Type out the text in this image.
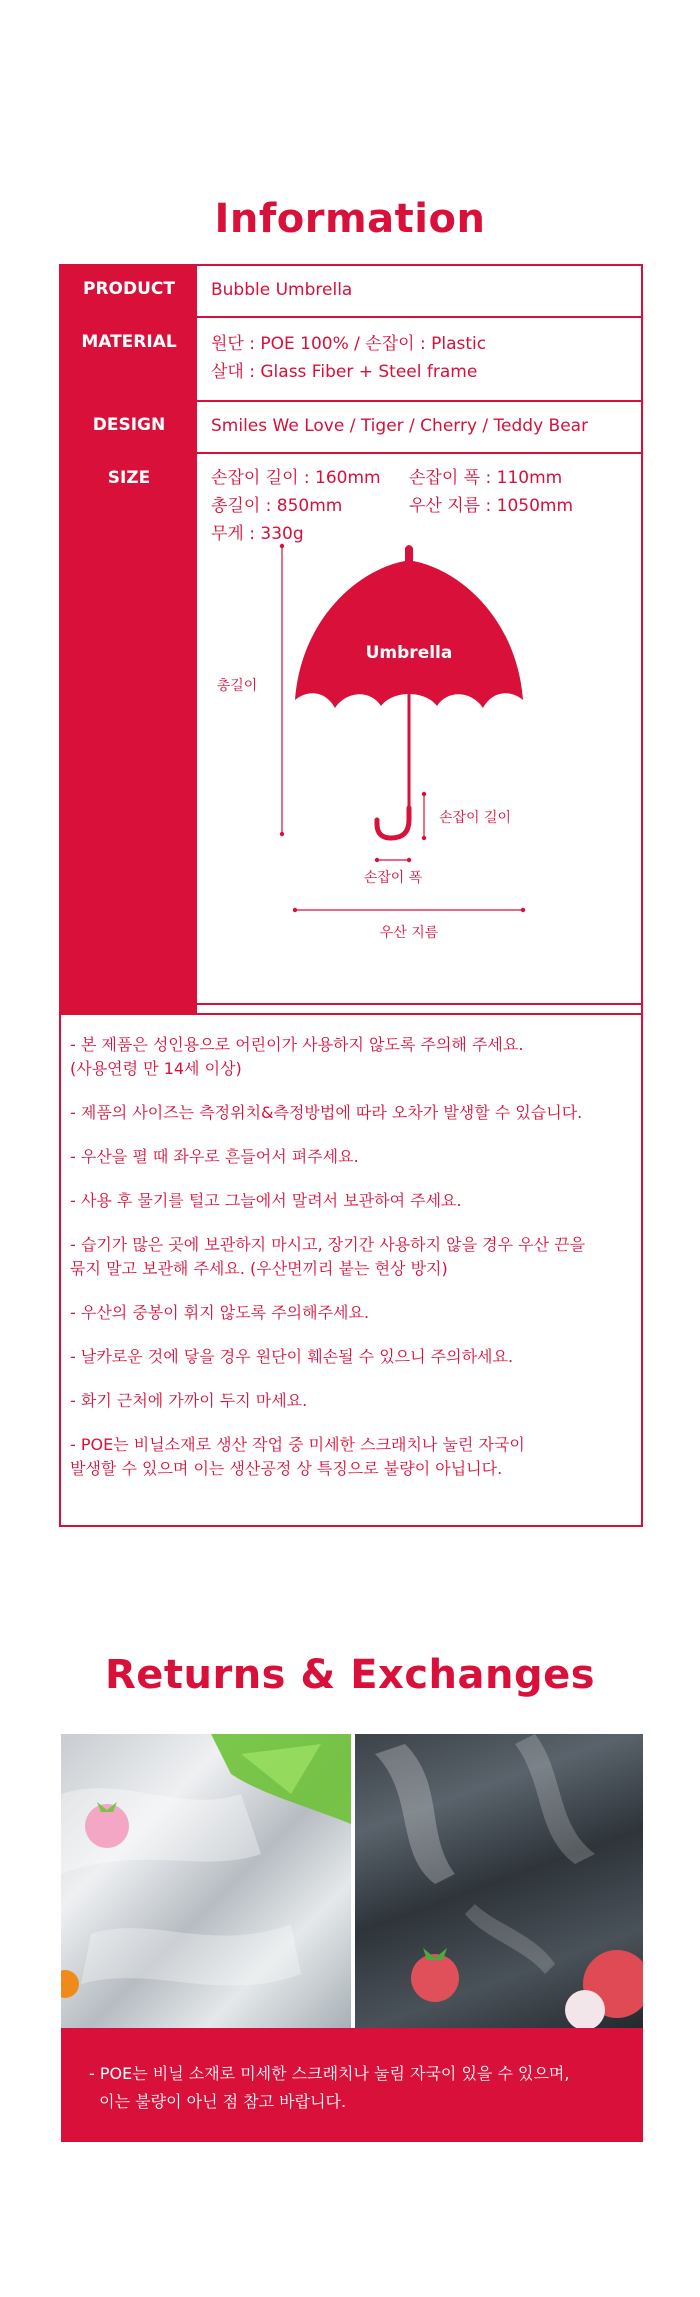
Information
PRODUCT	Bubble Umbrella
MATERIAL	원단 : POE 100% / 손잡이 : Plastic
살대 : Glass Fiber + Steel frame
DESIGN	Smiles We Love / Tiger / Cherry / Teddy Bear
SIZE	손잡이 길이 : 160mm 손잡이 폭 : 110mm
총길이 : 850mm	우산 지름 : 1050mm
무게 : 330g
Umbrella
총길이
손잡이 길이
손잡이 폭
우산 지름
- 본 제품은 성인용으로 어린이가 사용하지 않도록 주의해 주세요.
(사용연령 만 14세 이상)
- 제품의 사이즈는 측정위치&측정방법에 따라 오차가 발생할 수 있습니다.
- 우산을 펼 때 좌우로 흔들어서 펴주세요.
- 사용 후 물기를 털고 그늘에서 말려서 보관하여 주세요.
- 습기가 많은 곳에 보관하지 마시고, 장기간 사용하지 않을 경우 우산 끈을
묶지 말고 보관해 주세요. (우산면끼리 붙는 현상 방지)
- 우산의 중봉이 휘지 않도록 주의해주세요.
- 날카로운 것에 닿을 경우 원단이 훼손될 수 있으니 주의하세요.
- 화기 근처에 가까이 두지 마세요.
- POE는 비닐소재로 생산 작업 중 미세한 스크래치나 눌린 자국이
발생할 수 있으며 이는 생산공정 상 특징으로 불량이 아닙니다.
Returns & Exchanges
- POE는 비닐 소재로 미세한 스크래치나 눌림 자국이 있을 수 있으며,
이는 불량이 아닌 점 참고 바랍니다.
